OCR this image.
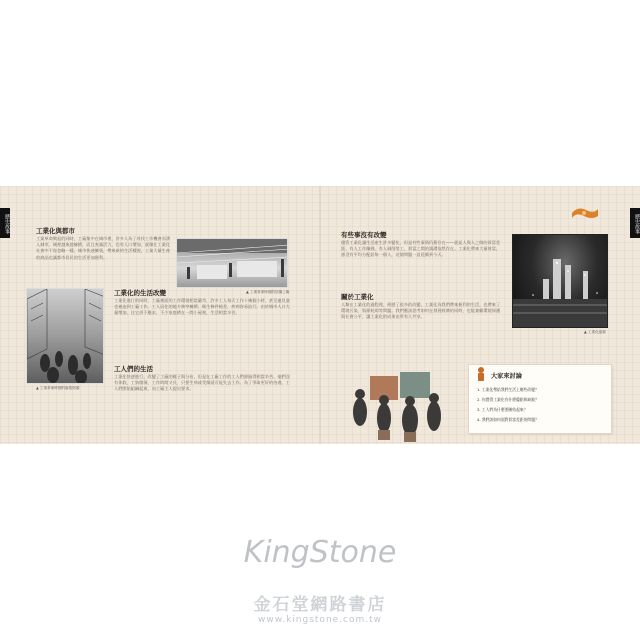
歷史故事	歷史故事
工業化與都市
工業革命興起的同時，工廠集中在城市裡，許多人為了尋找工作機會而湧入城市。城裡越來越擁擠，而且充滿活力，也有人口增加，就像在工業化社會中不容忽略一樣。城市快速擴張，帶來新的生活樣貌，工業大量生產的商品也讓都市居民的生活更加便利。
▲ 工業革命時期的紡織工廠
▲ 工業革命時期的倫敦街頭
工業化的生活改變
工業化進行的同時，工廠裡面的工作環境相當嚴苛，許多工人每天工作十幾個小時，甚至連兒童也被迫到工廠工作。工人居住的地方狹窄擁擠，衛生條件極差，疾病容易流行。由於城市人口大量增加，住宅供不應求，不少家庭擠在一間小屋裡，生活相當辛苦。
工人們的生活
工業化快速進行，改變了工廠的樣子與分布，但是在工廠工作的工人們卻過得相當辛苦。他們沒有休假，工資微薄，工作時間又長，只要生病或受傷就可能失去工作。為了爭取更好的待遇，工人們開始組織起來，向工廠主人提出要求。
有些事沒有改變
儘管工業化讓生活產生許多變化，但是有些事情仍舊存在——就是人與人之間的貧富差距。有人工作賺錢，有人剝削勞工，貧富之間的鴻溝依然存在。工業化帶來大量財富，卻沒有平均分配給每一個人，這個問題一直延續到今天。
關於工業化
人類在工業化的過程裡，經歷了很多的改變。工業化為我們帶來便利的生活，也帶來了環境污染、資源耗竭等問題。我們應該思考如何在發展經濟的同時，也能兼顧環境保護與社會公平，讓工業化的成果由所有人共享。
▲ 工業化風貌
大家來討論
1. 工業化帶給我們生活上哪些改變？
2. 你覺得工業化有什麼優點和缺點？
3. 工人們為什麼要團結起來？
4. 我們該如何面對貧富差距的問題？
KingStone
金石堂網路書店
www.kingstone.com.tw
